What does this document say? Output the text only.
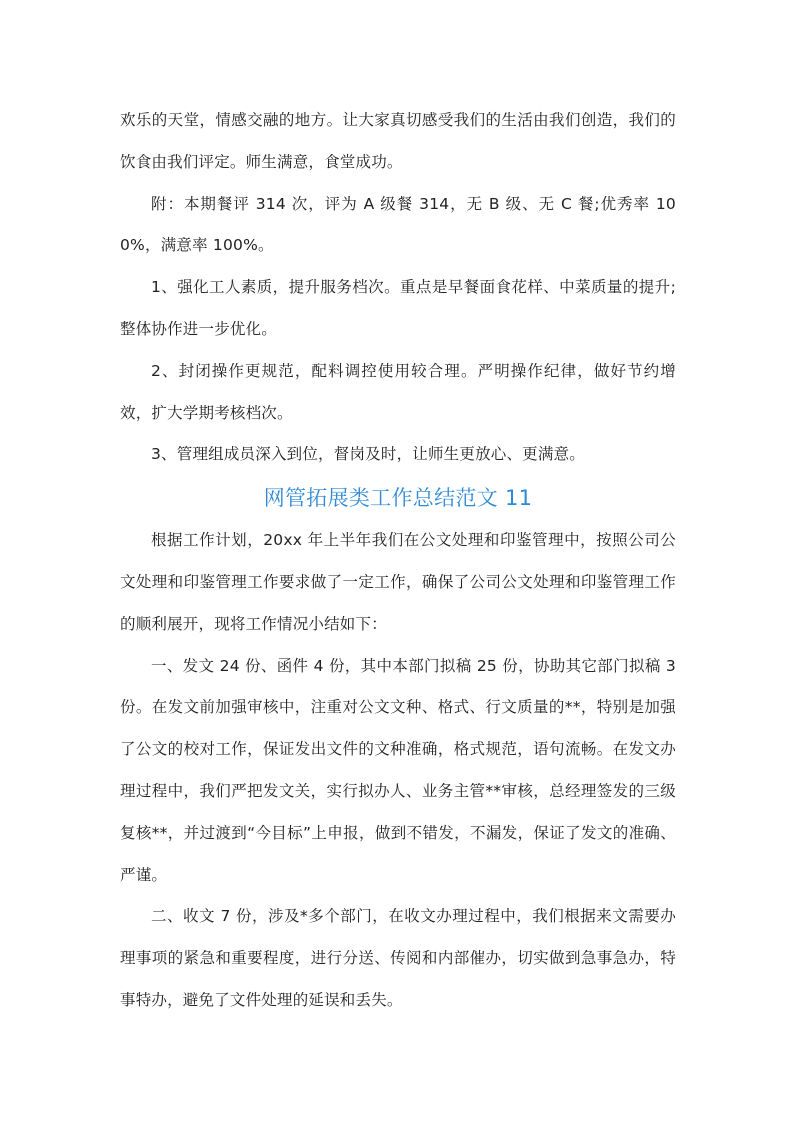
欢乐的天堂，情感交融的地方。让大家真切感受我们的生活由我们创造，我们的饮食由我们评定。师生满意，食堂成功。

附：本期餐评 314 次，评为 A 级餐 314，无 B 级、无 C 餐;优秀率 100%，满意率 100%。

1、强化工人素质，提升服务档次。重点是早餐面食花样、中菜质量的提升;整体协作进一步优化。

2、封闭操作更规范，配料调控使用较合理。严明操作纪律，做好节约增效，扩大学期考核档次。

3、管理组成员深入到位，督岗及时，让师生更放心、更满意。

网管拓展类工作总结范文 11

根据工作计划，20xx 年上半年我们在公文处理和印鉴管理中，按照公司公文处理和印鉴管理工作要求做了一定工作，确保了公司公文处理和印鉴管理工作的顺利展开，现将工作情况小结如下：

一、发文 24 份、函件 4 份，其中本部门拟稿 25 份，协助其它部门拟稿 3 份。在发文前加强审核中，注重对公文文种、格式、行文质量的**，特别是加强了公文的校对工作，保证发出文件的文种准确，格式规范，语句流畅。在发文办理过程中，我们严把发文关，实行拟办人、业务主管**审核，总经理签发的三级复核**，并过渡到“今目标”上申报，做到不错发，不漏发，保证了发文的准确、严谨。

二、收文 7 份，涉及*多个部门，在收文办理过程中，我们根据来文需要办理事项的紧急和重要程度，进行分送、传阅和内部催办，切实做到急事急办，特事特办，避免了文件处理的延误和丢失。
